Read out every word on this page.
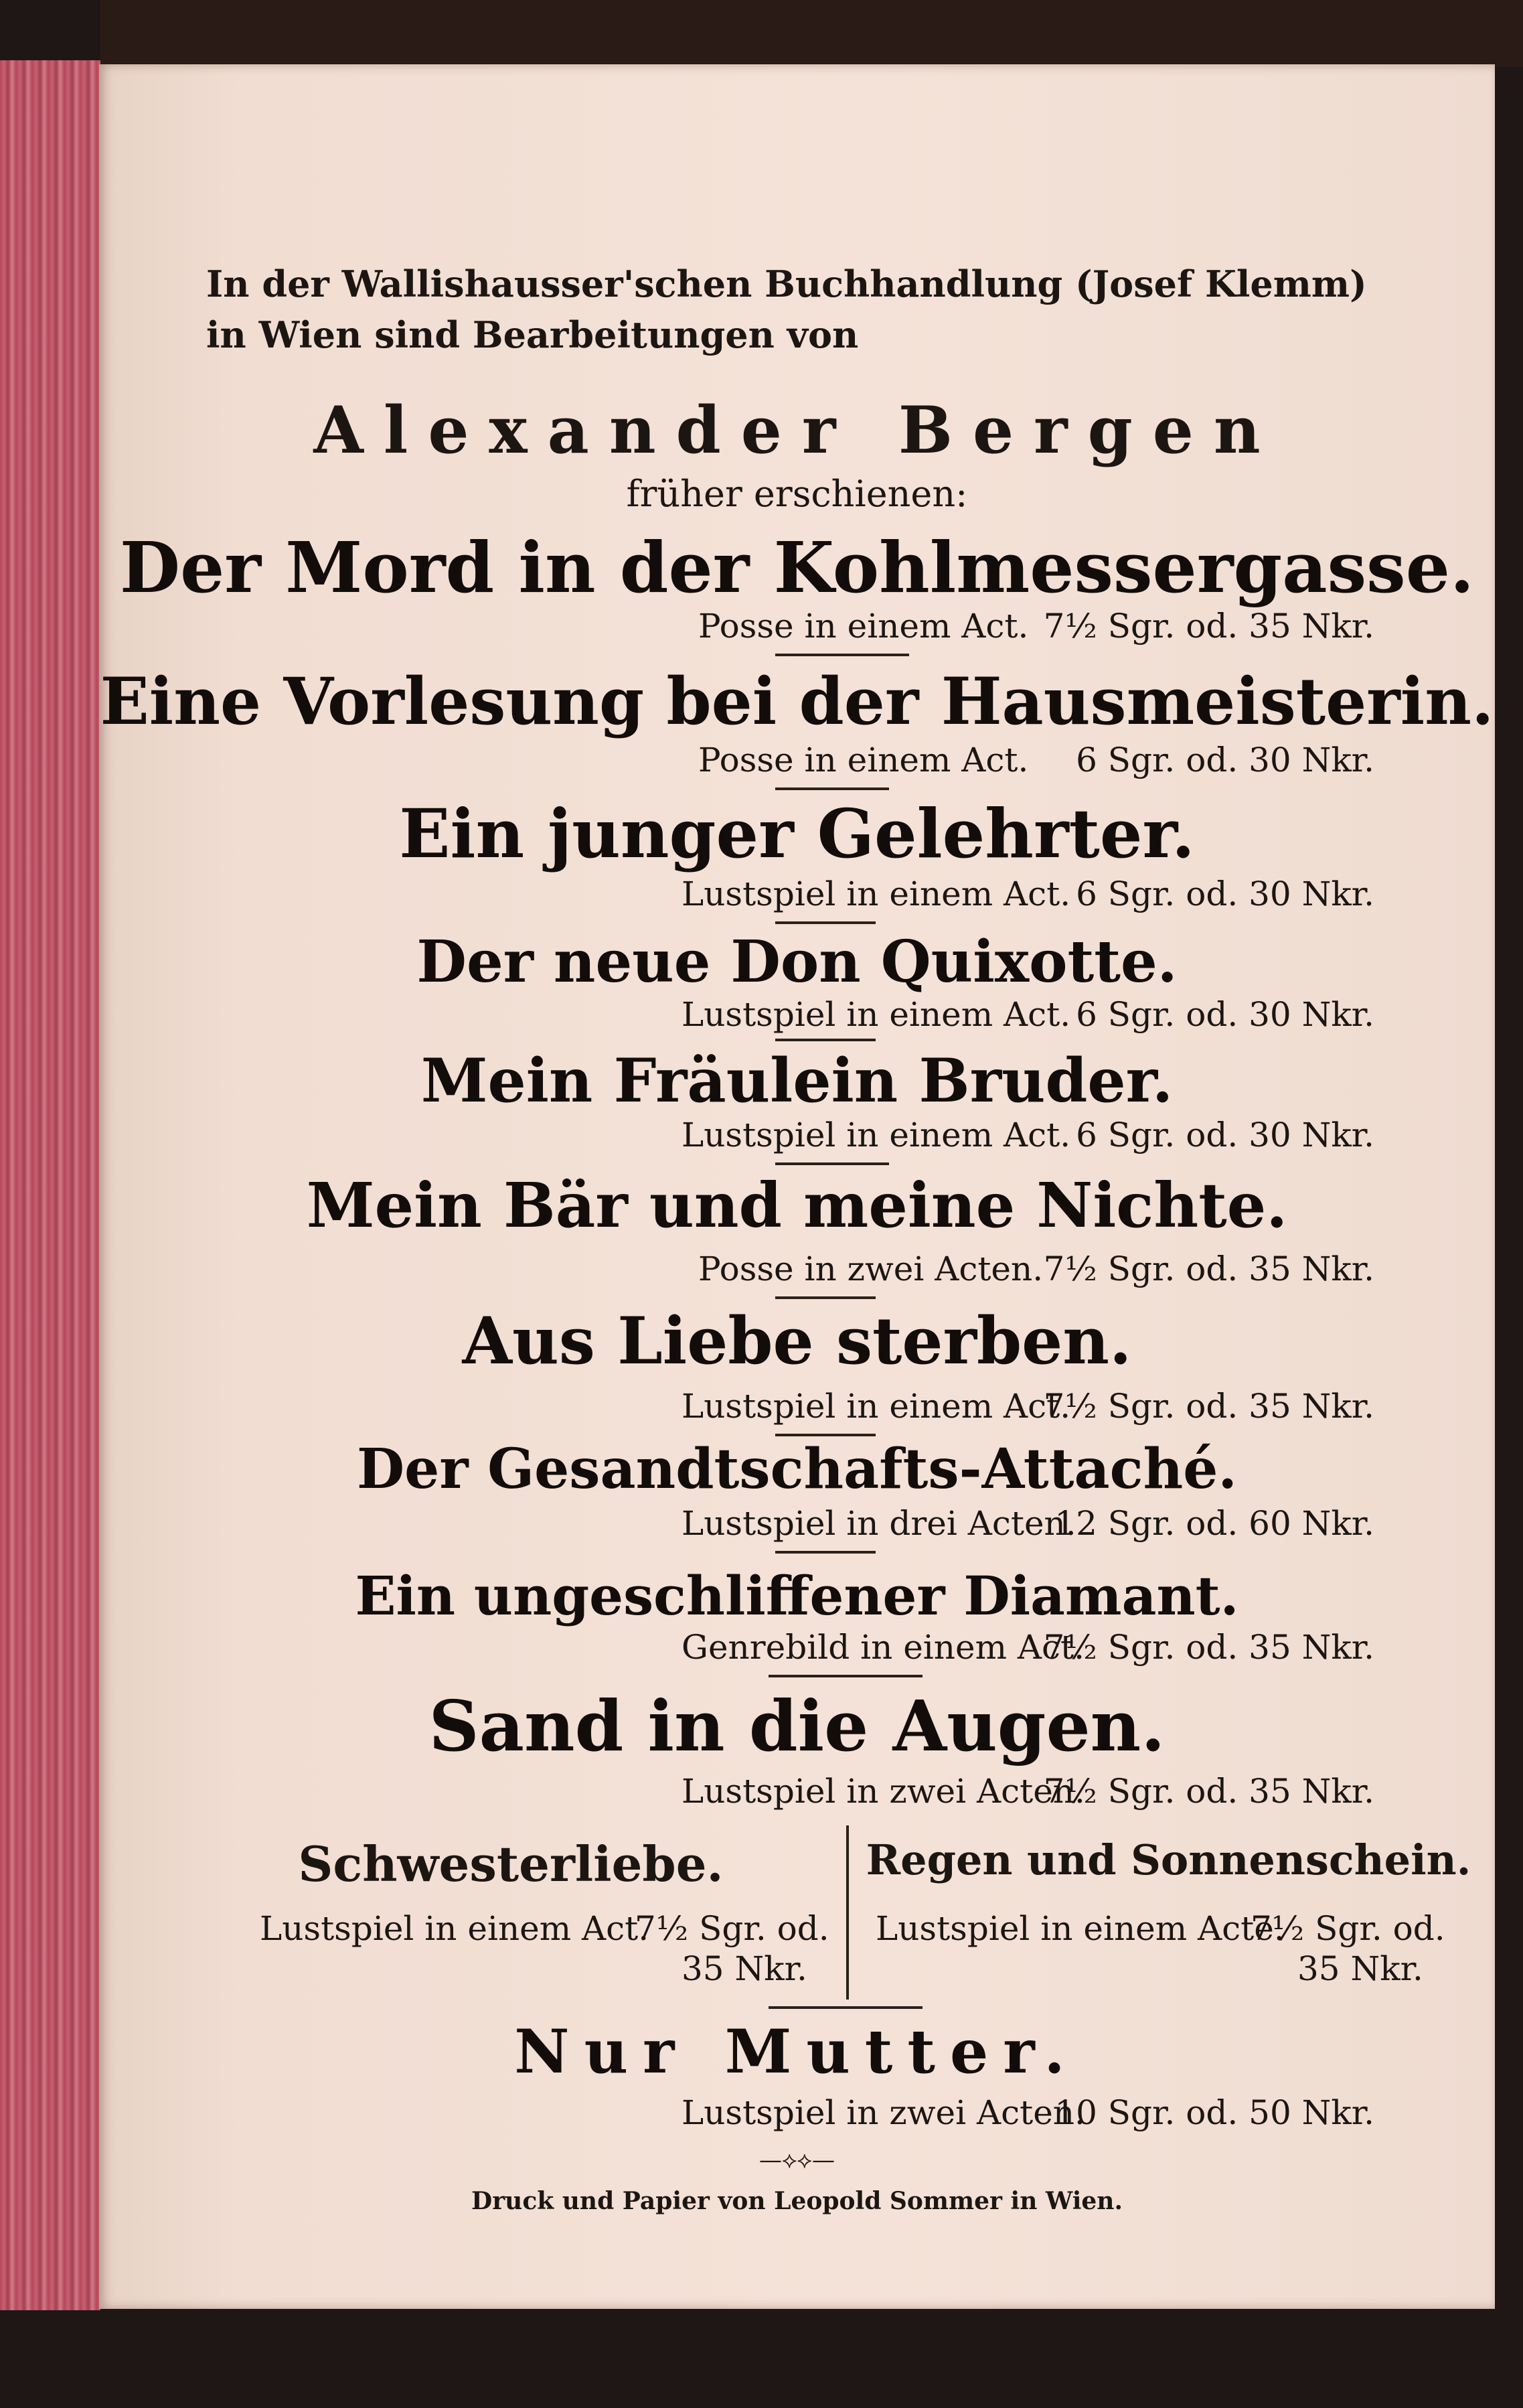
In der Wallishausser'schen Buchhandlung (Josef Klemm) in Wien sind Bearbeitungen von
Alexander Bergen
früher erschienen:
Der Mord in der Kohlmessergasse.
Posse in einem Act. 7½ Sgr. od. 35 Nkr.
Eine Vorlesung bei der Hausmeisterin.
Posse in einem Act. 6 Sgr. od. 30 Nkr.
Ein junger Gelehrter.
Lustspiel in einem Act. 6 Sgr. od. 30 Nkr.
Der neue Don Quixotte.
Lustspiel in einem Act. 6 Sgr. od. 30 Nkr.
Mein Fräulein Bruder.
Lustspiel in einem Act. 6 Sgr. od. 30 Nkr.
Mein Bär und meine Nichte.
Posse in zwei Acten. 7½ Sgr. od. 35 Nkr.
Aus Liebe sterben.
Lustspiel in einem Act.
7½ Sgr. od. 35 Nkr.
Der Gesandtschafts-Attaché.
Lustspiel in drei Acten.
12 Sgr. od. 60 Nkr.
Ein ungeschliffener Diamant.
Genrebild in einem Act.
7½ Sgr. od. 35 Nkr.
Sand in die Augen.
Lustspiel in zwei Acten.
7½ Sgr. od. 35 Nkr.
Schwesterliebe.
Lustspiel in einem Act.
7½ Sgr. od.
35 Nkr.
Regen und Sonnenschein.
Lustspiel in einem Acte.
7½ Sgr. od.
35 Nkr.
Nur Mutter.
Lustspiel in zwei Acten.
10 Sgr. od. 50 Nkr.
—⟡⟡—
Druck und Papier von Leopold Sommer in Wien.
